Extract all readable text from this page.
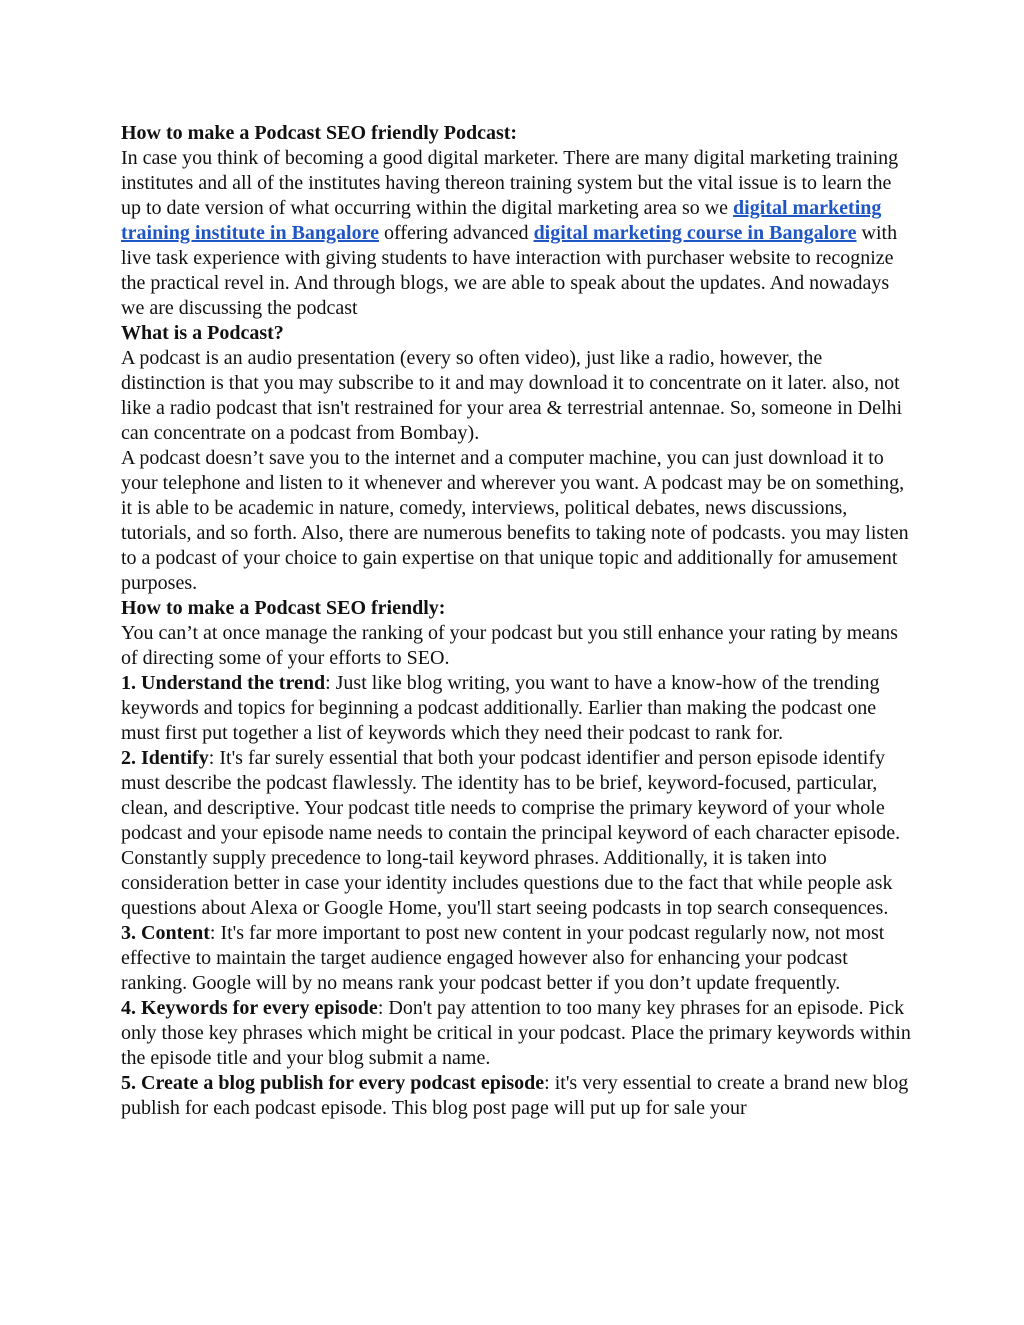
How to make a Podcast SEO friendly Podcast:

In case you think of becoming a good digital marketer. There are many digital marketing training institutes and all of the institutes having thereon training system but the vital issue is to learn the up to date version of what occurring within the digital marketing area so we digital marketing training institute in Bangalore offering advanced digital marketing course in Bangalore with live task experience with giving students to have interaction with purchaser website to recognize the practical revel in. And through blogs, we are able to speak about the updates. And nowadays we are discussing the podcast

What is a Podcast?

A podcast is an audio presentation (every so often video), just like a radio, however, the distinction is that you may subscribe to it and may download it to concentrate on it later. also, not like a radio podcast that isn't restrained for your area & terrestrial antennae. So, someone in Delhi can concentrate on a podcast from Bombay).

A podcast doesn’t save you to the internet and a computer machine, you can just download it to your telephone and listen to it whenever and wherever you want. A podcast may be on something, it is able to be academic in nature, comedy, interviews, political debates, news discussions, tutorials, and so forth. Also, there are numerous benefits to taking note of podcasts. you may listen to a podcast of your choice to gain expertise on that unique topic and additionally for amusement purposes.

How to make a Podcast SEO friendly:

You can’t at once manage the ranking of your podcast but you still enhance your rating by means of directing some of your efforts to SEO.

1. Understand the trend: Just like blog writing, you want to have a know-how of the trending keywords and topics for beginning a podcast additionally. Earlier than making the podcast one must first put together a list of keywords which they need their podcast to rank for.

2. Identify: It's far surely essential that both your podcast identifier and person episode identify must describe the podcast flawlessly. The identity has to be brief, keyword-focused, particular, clean, and descriptive. Your podcast title needs to comprise the primary keyword of your whole podcast and your episode name needs to contain the principal keyword of each character episode. Constantly supply precedence to long-tail keyword phrases. Additionally, it is taken into consideration better in case your identity includes questions due to the fact that while people ask questions about Alexa or Google Home, you'll start seeing podcasts in top search consequences.

3. Content: It's far more important to post new content in your podcast regularly now, not most effective to maintain the target audience engaged however also for enhancing your podcast ranking. Google will by no means rank your podcast better if you don’t update frequently.

4. Keywords for every episode: Don't pay attention to too many key phrases for an episode. Pick only those key phrases which might be critical in your podcast. Place the primary keywords within the episode title and your blog submit a name.

5. Create a blog publish for every podcast episode: it's very essential to create a brand new blog publish for each podcast episode. This blog post page will put up for sale your
